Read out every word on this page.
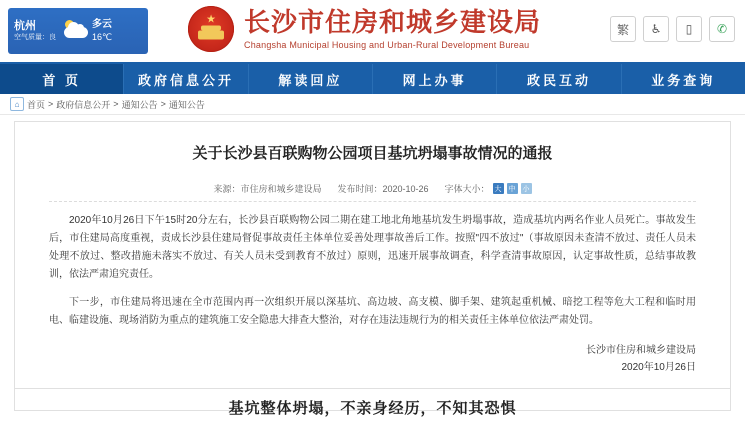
杭州
空气质量：良
多云
16℃
★ 长沙市住房和城乡建设局
Changsha Municipal Housing and Urban-Rural Development Bureau
繁	♿	▯	✆
首 页	政府信息公开	解读回应	网上办事	政民互动	业务查询
⌂ 首页 > 政府信息公开 > 通知公告 > 通知公告
关于长沙县百联购物公园项目基坑坍塌事故情况的通报
来源：市住房和城乡建设局 发布时间：2020-10-26 字体大小： 大 中 小

2020年10月26日下午15时20分左右，长沙县百联购物公园二期在建工地北角地基坑发生坍塌事故，造成基坑内两名作业人员死亡。事故发生后，市住建局高度重视，责成长沙县住建局督促事故责任主体单位妥善处理事故善后工作。按照"四不放过"（事故原因未查清不放过、责任人员未处理不放过、整改措施未落实不放过、有关人员未受到教育不放过）原则，迅速开展事故调查，科学查清事故原因，认定事故性质，总结事故教训，依法严肃追究责任。

下一步，市住建局将迅速在全市范围内再一次组织开展以深基坑、高边坡、高支模、脚手架、建筑起重机械、暗挖工程等危大工程和临时用电、临建设施、现场消防为重点的建筑施工安全隐患大排查大整治，对存在违法违规行为的相关责任主体单位依法严肃处罚。

长沙市住房和城乡建设局
2020年10月26日
基坑整体坍塌，不亲身经历，不知其恐惧
